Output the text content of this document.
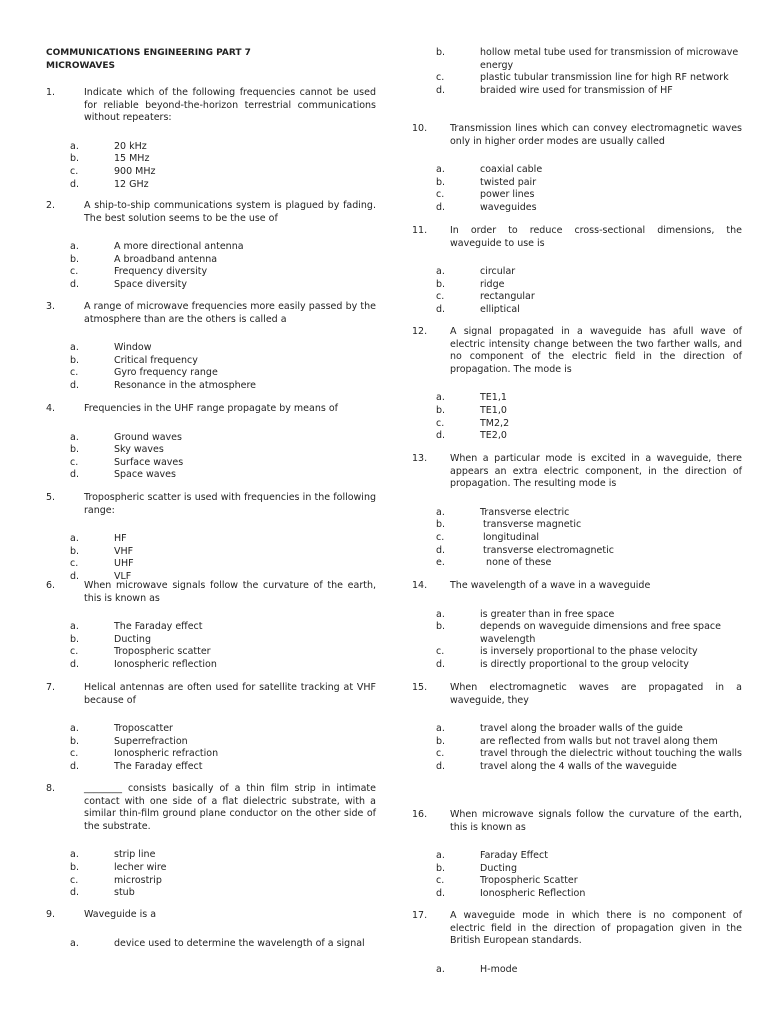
COMMUNICATIONS ENGINEERING PART 7
MICROWAVES
1.	Indicate which of the following frequencies cannot be used for reliable beyond-the-horizon terrestrial communications without repeaters:
a.	20 kHz
b.	15 MHz
c.	900 MHz
d.	12 GHz
2.	A ship-to-ship communications system is plagued by fading. The best solution seems to be the use of
a.	A more directional antenna
b.	A broadband antenna
c.	Frequency diversity
d.	Space diversity
3.	A range of microwave frequencies more easily passed by the atmosphere than are the others is called a
a.	Window
b.	Critical frequency
c.	Gyro frequency range
d.	Resonance in the atmosphere
4.	Frequencies in the UHF range propagate by means of
a.	Ground waves
b.	Sky waves
c.	Surface waves
d.	Space waves
5.	Tropospheric scatter is used with frequencies in the following range:
a.	HF
b.	VHF
c.	UHF
d.	VLF
6.	When microwave signals follow the curvature of the earth, this is known as
a.	The Faraday effect
b.	Ducting
c.	Tropospheric scatter
d.	Ionospheric reflection
7.	Helical antennas are often used for satellite tracking at VHF because of
a.	Troposcatter
b.	Superrefraction
c.	Ionospheric refraction
d.	The Faraday effect
8.	________ consists basically of a thin film strip in intimate contact with one side of a flat dielectric substrate, with a similar thin-film ground plane conductor on the other side of the substrate.
a.	strip line
b.	lecher wire
c.	microstrip
d.	stub
9.	Waveguide is a
a.	device used to determine the wavelength of a signal
b.	hollow metal tube used for transmission of microwave energy
c.	plastic tubular transmission line for high RF network
d.	braided wire used for transmission of HF
10.	Transmission lines which can convey electromagnetic waves only in higher order modes are usually called
a.	coaxial cable
b.	twisted pair
c.	power lines
d.	waveguides
11.	In order to reduce cross-sectional dimensions, the waveguide to use is
a.	circular
b.	ridge
c.	rectangular
d.	elliptical
12.	A signal propagated in a waveguide has afull wave of electric intensity change between the two farther walls, and no component of the electric field in the direction of propagation. The mode is
a.	TE1,1
b.	TE1,0
c.	TM2,2
d.	TE2,0
13.	When a particular mode is excited in a waveguide, there appears an extra electric component, in the direction of propagation. The resulting mode is
a.	Transverse electric
b.	transverse magnetic
c.	longitudinal
d.	transverse electromagnetic
e.	none of these
14.	The wavelength of a wave in a waveguide
a.	is greater than in free space
b.	depends on waveguide dimensions and free space wavelength
c.	is inversely proportional to the phase velocity
d.	is directly proportional to the group velocity
15.	When electromagnetic waves are propagated in a waveguide, they
a.	travel along the broader walls of the guide
b.	are reflected from walls but not travel along them
c.	travel through the dielectric without touching the walls
d.	travel along the 4 walls of the waveguide
16.	When microwave signals follow the curvature of the earth, this is known as
a.	Faraday Effect
b.	Ducting
c.	Tropospheric Scatter
d.	Ionospheric Reflection
17.	A waveguide mode in which there is no component of electric field in the direction of propagation given in the British European standards.
a.	H-mode
